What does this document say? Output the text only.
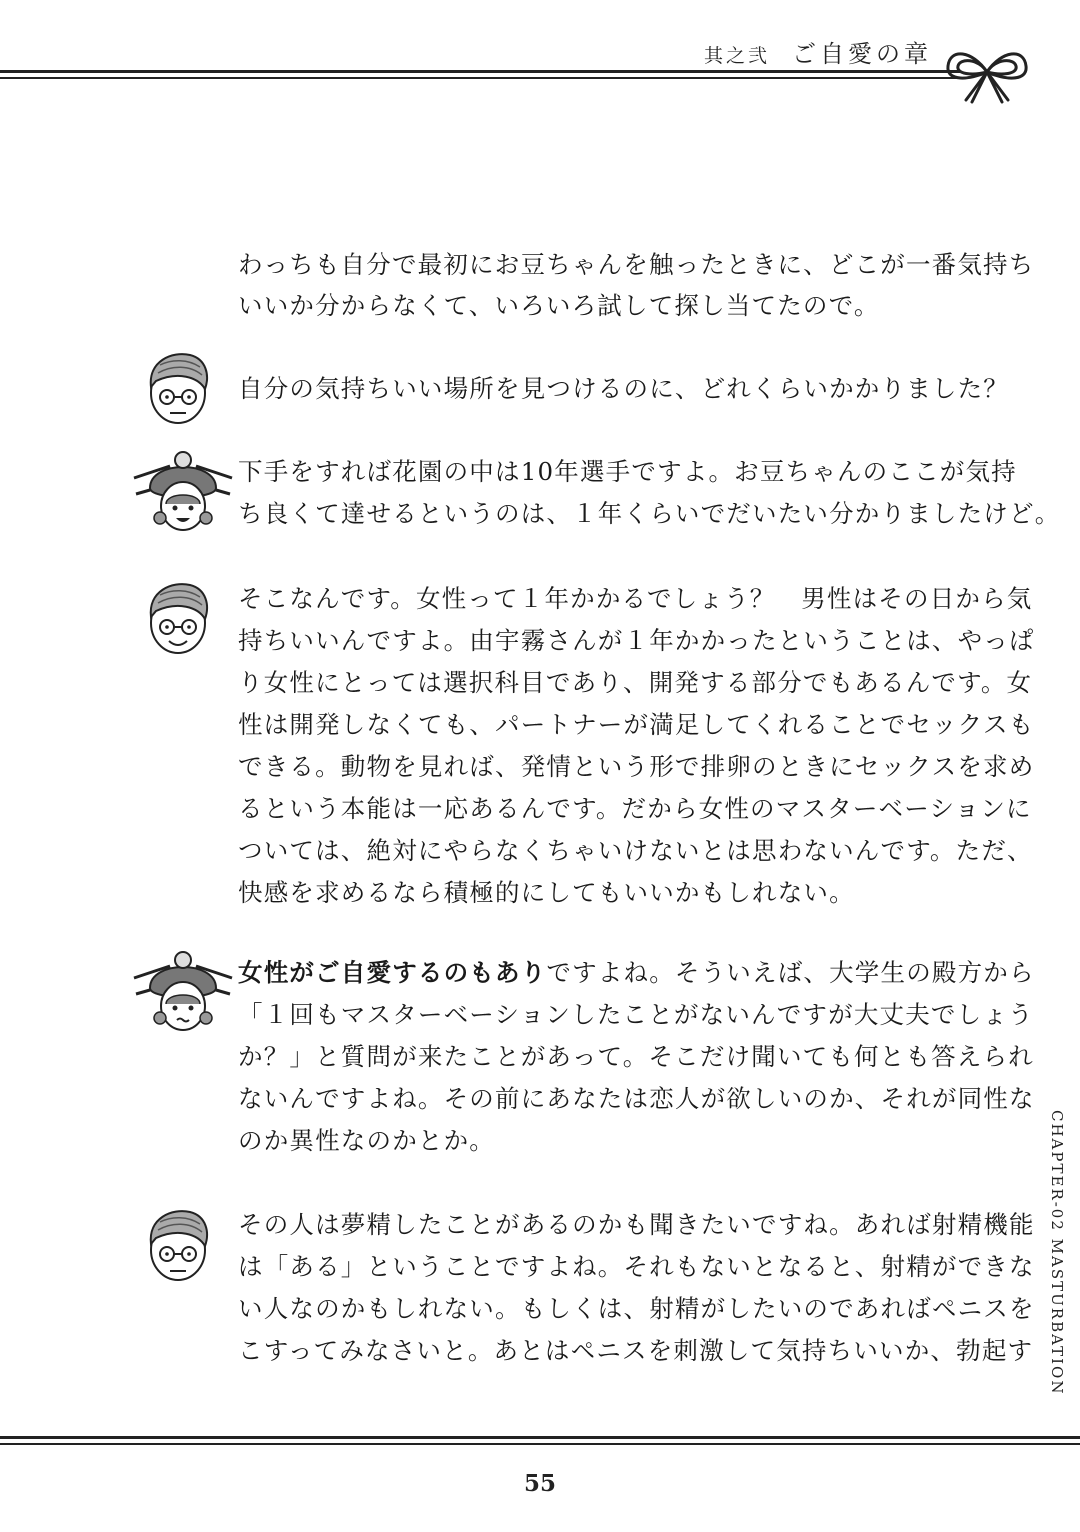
其之弐 ご自愛の章
わっちも自分で最初にお豆ちゃんを触ったときに、どこが一番気持ち
いいか分からなくて、いろいろ試して探し当てたので。
自分の気持ちいい場所を見つけるのに、どれくらいかかりました？
下手をすれば花園の中は10年選手ですよ。お豆ちゃんのここが気持
ち良くて達せるというのは、１年くらいでだいたい分かりましたけど。
そこなんです。女性って１年かかるでしょう？　男性はその日から気
持ちいいんですよ。由宇霧さんが１年かかったということは、やっぱ
り女性にとっては選択科目であり、開発する部分でもあるんです。女
性は開発しなくても、パートナーが満足してくれることでセックスも
できる。動物を見れば、発情という形で排卵のときにセックスを求め
るという本能は一応あるんです。だから女性のマスターベーションに
ついては、絶対にやらなくちゃいけないとは思わないんです。ただ、
快感を求めるなら積極的にしてもいいかもしれない。
女性がご自愛するのもありですよね。そういえば、大学生の殿方から
「１回もマスターベーションしたことがないんですが大丈夫でしょう
か？」と質問が来たことがあって。そこだけ聞いても何とも答えられ
ないんですよね。その前にあなたは恋人が欲しいのか、それが同性な
のか異性なのかとか。
その人は夢精したことがあるのかも聞きたいですね。あれば射精機能
は「ある」ということですよね。それもないとなると、射精ができな
い人なのかもしれない。もしくは、射精がしたいのであればペニスを
こすってみなさいと。あとはペニスを刺激して気持ちいいか、勃起す CHAPTER-02 MASTURBATION
55
